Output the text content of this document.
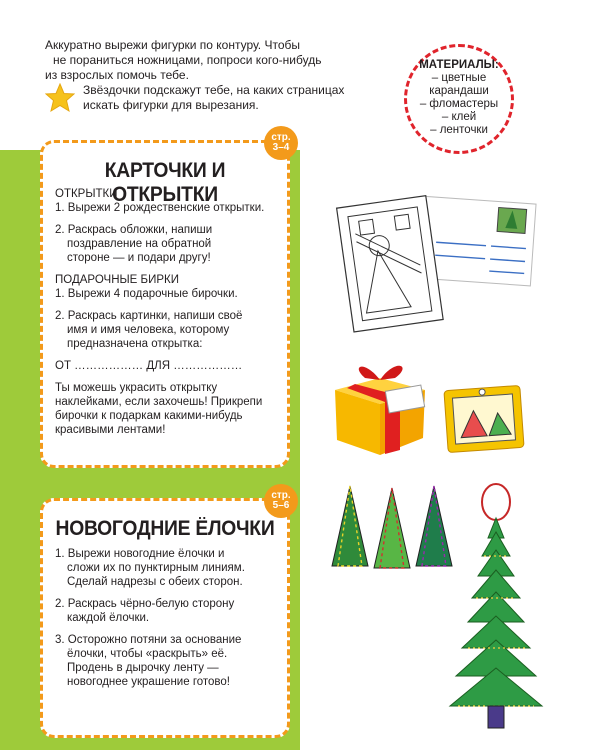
Аккуратно вырежи фигурки по контуру. Чтобы

не пораниться ножницами, попроси кого-нибудь

из взрослых помочь тебе.

Звёздочки подскажут тебе, на каких страницах

искать фигурки для вырезания.

МАТЕРИАЛЫ:
– цветные
карандаши
– фломастеры
– клей
– ленточки
КАРТОЧКИ И ОТКРЫТКИ

ОТКРЫТКИ

1. Вырежи 2 рождественские открытки.

2. Раскрась обложки, напиши

поздравление на обратной

стороне — и подари другу!

ПОДАРОЧНЫЕ БИРКИ

1. Вырежи 4 подарочные бирочки.

2. Раскрась картинки, напиши своё

имя и имя человека, которому

предназначена открытка:

ОТ ……………… ДЛЯ ………………

Ты можешь украсить открытку

наклейками, если захочешь! Прикрепи

бирочки к подаркам какими-нибудь

красивыми лентами!

стр.
3–4
НОВОГОДНИЕ ЁЛОЧКИ

1. Вырежи новогодние ёлочки и

сложи их по пунктирным линиям.

Сделай надрезы с обеих сторон.

2. Раскрась чёрно-белую сторону

каждой ёлочки.

3. Осторожно потяни за основание

ёлочки, чтобы «раскрыть» её.

Продень в дырочку ленту —

новогоднее украшение готово!

стр.
5–6
